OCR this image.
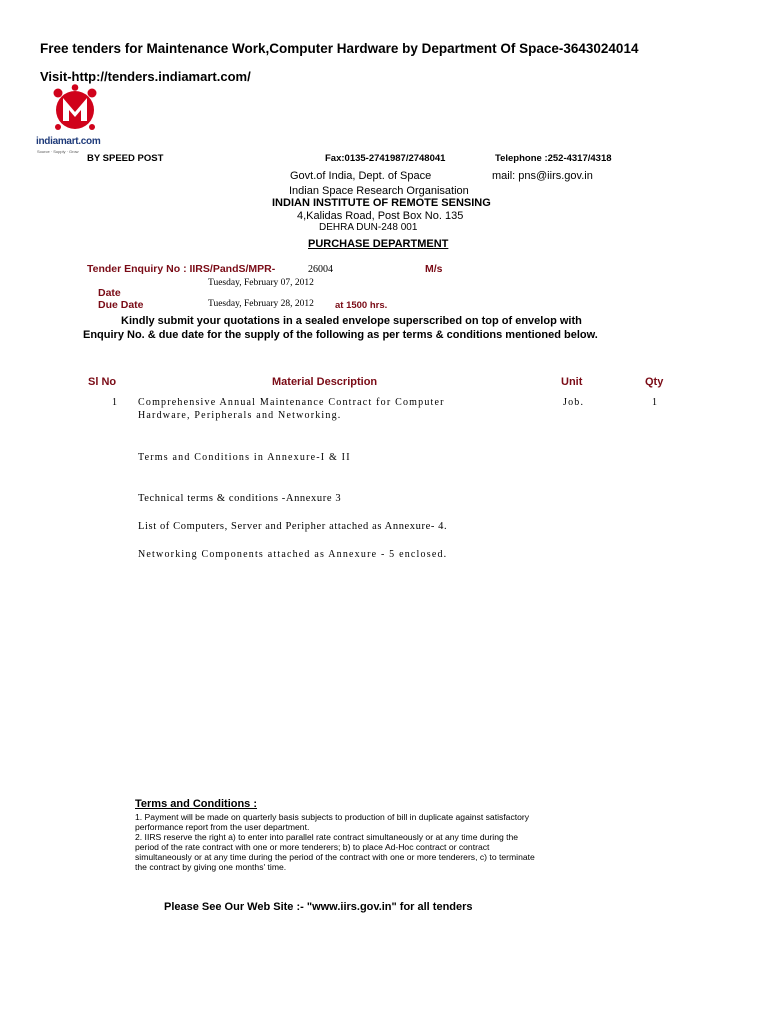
Free tenders for Maintenance Work,Computer Hardware by Department Of Space-3643024014
Visit-http://tenders.indiamart.com/
indiamart.com
Source · Supply · Grow
BY SPEED POST	Fax:0135-2741987/2748041	Telephone :252-4317/4318
Govt.of India, Dept. of Space	mail: pns@iirs.gov.in
Indian Space Research Organisation
INDIAN INSTITUTE OF REMOTE SENSING
4,Kalidas Road, Post Box No. 135
DEHRA DUN-248 001
PURCHASE DEPARTMENT
Tender Enquiry No : IIRS/PandS/MPR-	26004	M/s
Tuesday, February 07, 2012
Date
Due Date	Tuesday, February 28, 2012 at 1500 hrs.
Kindly submit your quotations in a sealed envelope superscribed on top of envelop with Enquiry No. & due date for the supply of the following as per terms & conditions mentioned below.
Sl No	Material Description	Unit	Qty
1 Comprehensive Annual Maintenance Contract for Computer
Hardware, Peripherals and Networking.
Job.	1
Terms and Conditions in Annexure-I & II
Technical terms & conditions -Annexure 3
List of Computers, Server and Peripher attached as Annexure- 4.
Networking Components attached as Annexure - 5 enclosed.
Terms and Conditions :
1. Payment will be made on quarterly basis subjects to production of bill in duplicate against satisfactory
performance report from the user department.
2. IIRS reserve the right a) to enter into parallel rate contract simultaneously or at any time during the
period of the rate contract with one or more tenderers; b) to place Ad-Hoc contract or contract
simultaneously or at any time during the period of the contract with one or more tenderers, c) to terminate
the contract by giving one months' time.
Please See Our Web Site :- "www.iirs.gov.in" for all tenders
